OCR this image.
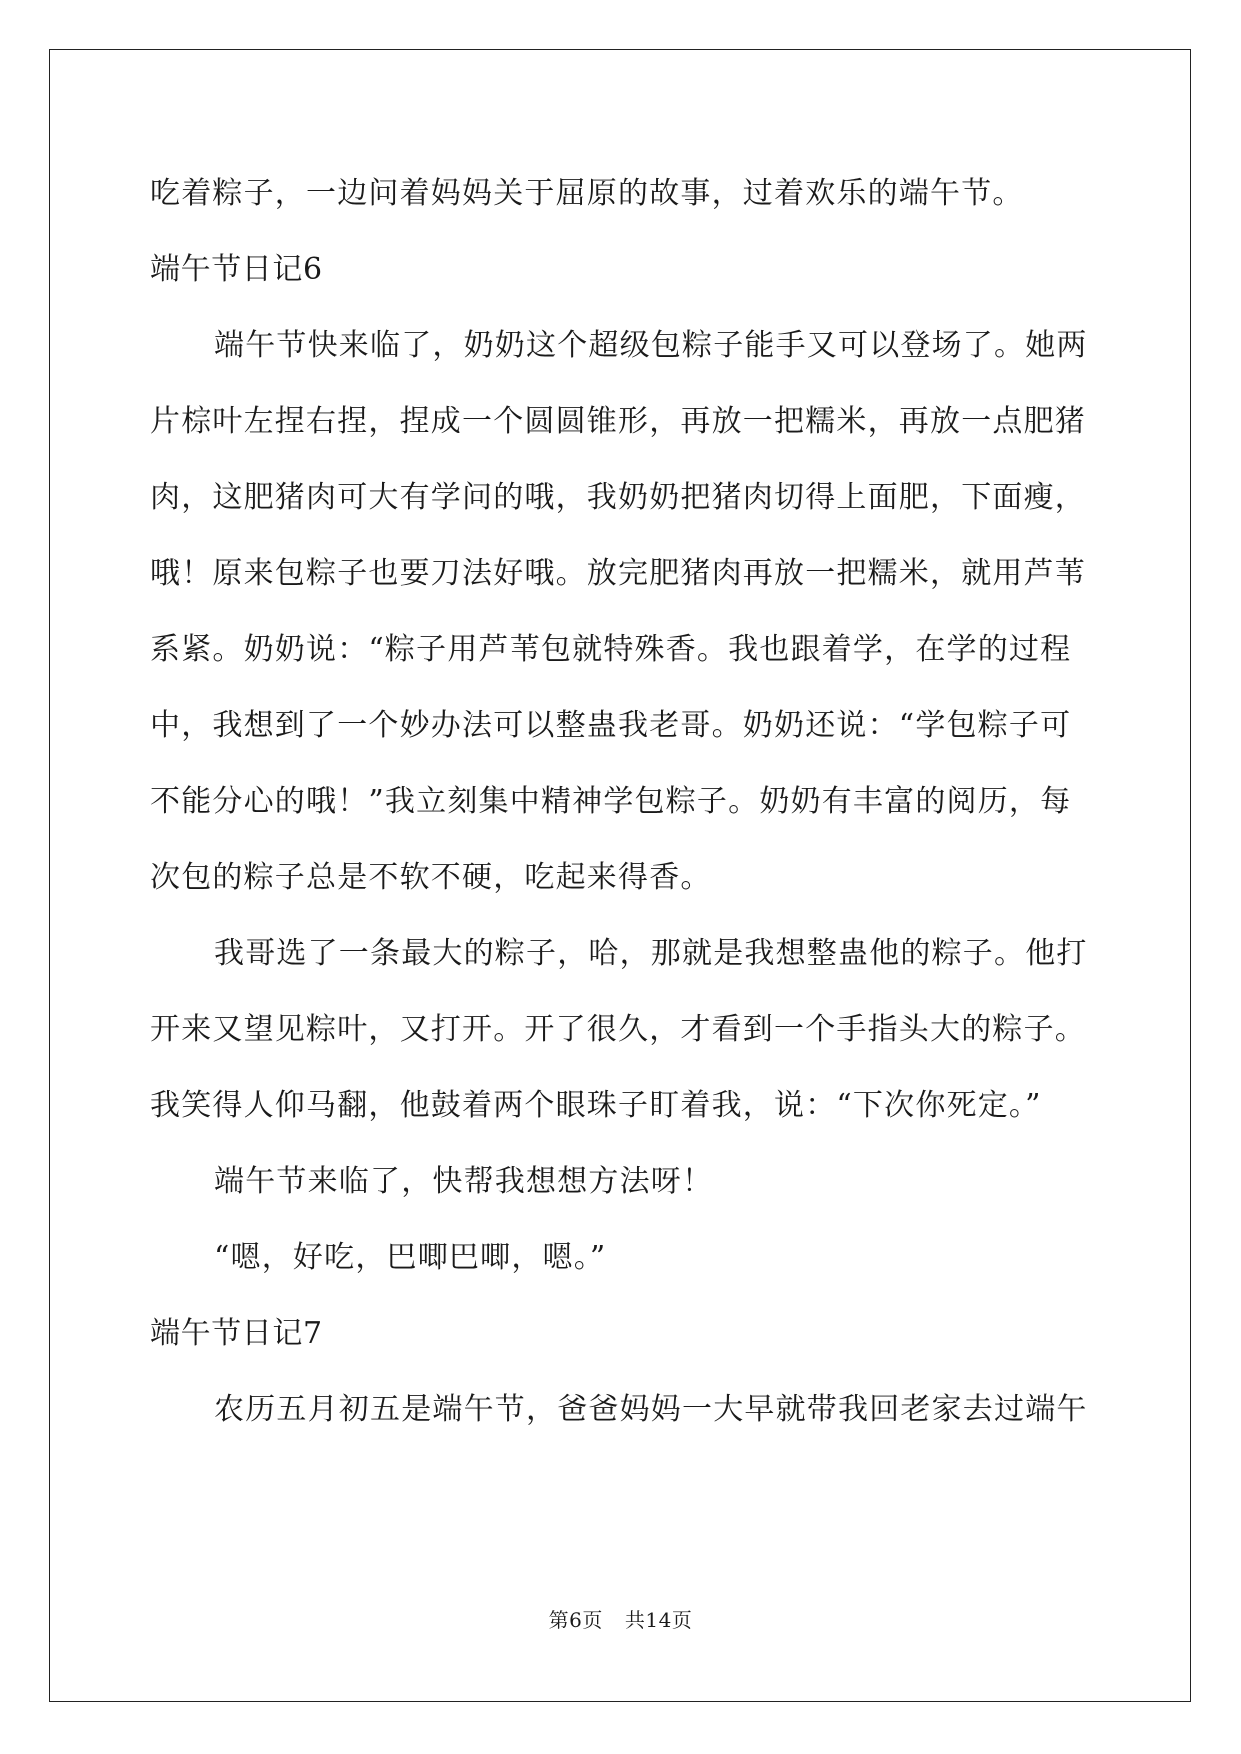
吃着粽子，一边问着妈妈关于屈原的故事，过着欢乐的端午节。
端午节日记6
端午节快来临了，奶奶这个超级包粽子能手又可以登场了。她两
片棕叶左捏右捏，捏成一个圆圆锥形，再放一把糯米，再放一点肥猪
肉，这肥猪肉可大有学问的哦，我奶奶把猪肉切得上面肥，下面瘦，
哦！原来包粽子也要刀法好哦。放完肥猪肉再放一把糯米，就用芦苇
系紧。奶奶说：“粽子用芦苇包就特殊香。我也跟着学，在学的过程
中，我想到了一个妙办法可以整蛊我老哥。奶奶还说：“学包粽子可
不能分心的哦！”我立刻集中精神学包粽子。奶奶有丰富的阅历，每
次包的粽子总是不软不硬，吃起来得香。
我哥选了一条最大的粽子，哈，那就是我想整蛊他的粽子。他打
开来又望见粽叶，又打开。开了很久，才看到一个手指头大的粽子。
我笑得人仰马翻，他鼓着两个眼珠子盯着我，说：“下次你死定。”
端午节来临了，快帮我想想方法呀！
“嗯，好吃，巴唧巴唧，嗯。”
端午节日记7
农历五月初五是端午节，爸爸妈妈一大早就带我回老家去过端午
第6页 共14页
